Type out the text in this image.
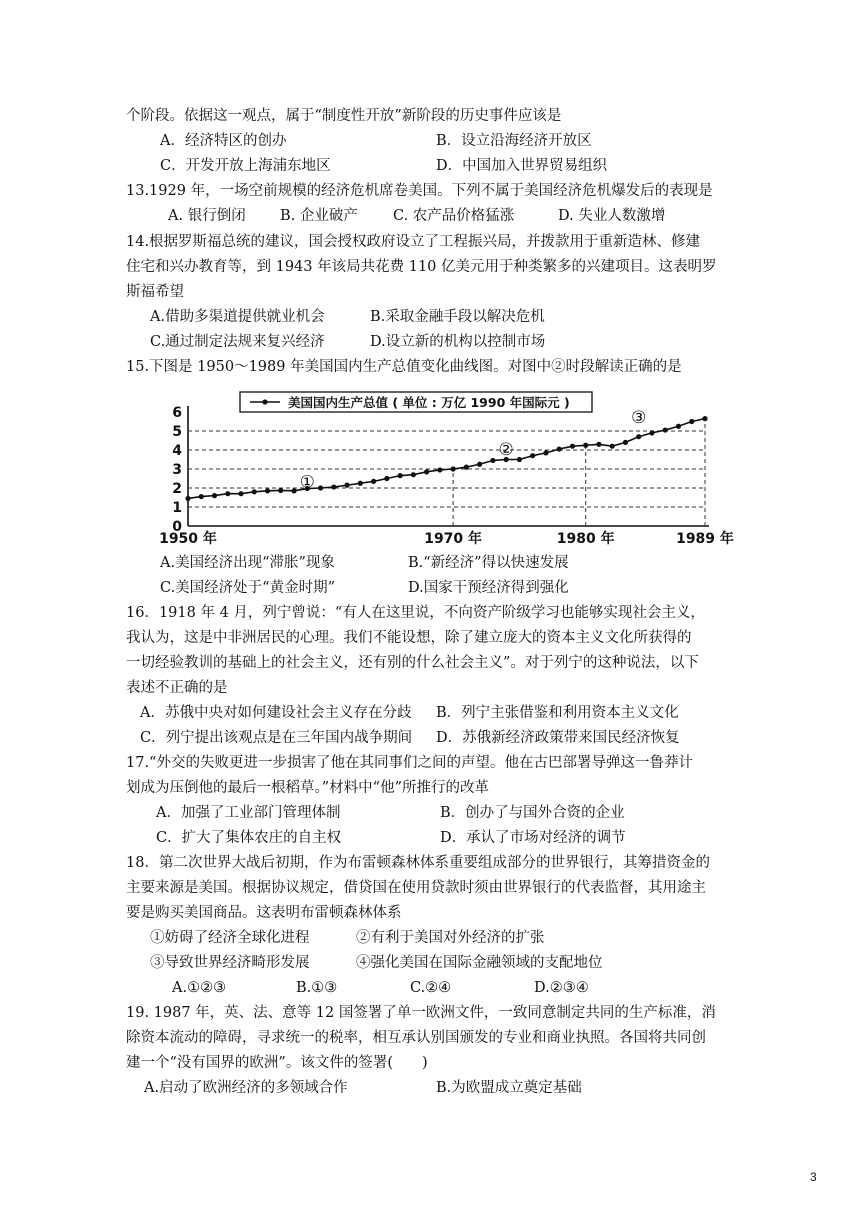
个阶段。依据这一观点，属于“制度性开放”新阶段的历史事件应该是
A．经济特区的创办	B．设立沿海经济开放区
C．开发开放上海浦东地区	D．中国加入世界贸易组织
13.1929 年，一场空前规模的经济危机席卷美国。下列不属于美国经济危机爆发后的表现是
A. 银行倒闭 B. 企业破产 C. 农产品价格猛涨	D. 失业人数激增
14.根据罗斯福总统的建议，国会授权政府设立了工程振兴局，并拨款用于重新造林、修建
住宅和兴办教育等，到 1943 年该局共花费 110 亿美元用于种类繁多的兴建项目。这表明罗
斯福希望
A.借助多渠道提供就业机会	B.采取金融手段以解决危机
C.通过制定法规来复兴经济	D.设立新的机构以控制市场
15.下图是 1950～1989 年美国国内生产总值变化曲线图。对图中②时段解读正确的是
0
1
2
3
4
5
6
1950 年	1970 年	1980 年	1989 年
①
②
③
美国国内生产总值 ( 单位 : 万亿 1990 年国际元 )
A.美国经济出现“滞胀”现象	B.“新经济”得以快速发展
C.美国经济处于“黄金时期”	D.国家干预经济得到强化
16．1918 年 4 月，列宁曾说：“有人在这里说，不向资产阶级学习也能够实现社会主义，
我认为，这是中非洲居民的心理。我们不能设想，除了建立庞大的资本主义文化所获得的
一切经验教训的基础上的社会主义，还有别的什么社会主义”。对于列宁的这种说法，以下
表述不正确的是
A．苏俄中央对如何建设社会主义存在分歧 B．列宁主张借鉴和利用资本主义文化
C．列宁提出该观点是在三年国内战争期间 D．苏俄新经济政策带来国民经济恢复
17.“外交的失败更进一步损害了他在其同事们之间的声望。他在古巴部署导弹这一鲁莽计
划成为压倒他的最后一根稻草。”材料中“他”所推行的改革
A．加强了工业部门管理体制	B．创办了与国外合资的企业
C．扩大了集体农庄的自主权	D．承认了市场对经济的调节
18．第二次世界大战后初期，作为布雷顿森林体系重要组成部分的世界银行，其筹措资金的
主要来源是美国。根据协议规定，借贷国在使用贷款时须由世界银行的代表监督，其用途主
要是购买美国商品。这表明布雷顿森林体系
①妨碍了经济全球化进程	②有利于美国对外经济的扩张
③导致世界经济畸形发展	④强化美国在国际金融领域的支配地位
A.①②③	B.①③	C.②④	D.②③④
19. 1987 年，英、法、意等 12 国签署了单一欧洲文件，一致同意制定共同的生产标准，消
除资本流动的障碍，寻求统一的税率，相互承认别国颁发的专业和商业执照。各国将共同创
建一个“没有国界的欧洲”。该文件的签署(　　)
A.启动了欧洲经济的多领域合作	B.为欧盟成立奠定基础
3
